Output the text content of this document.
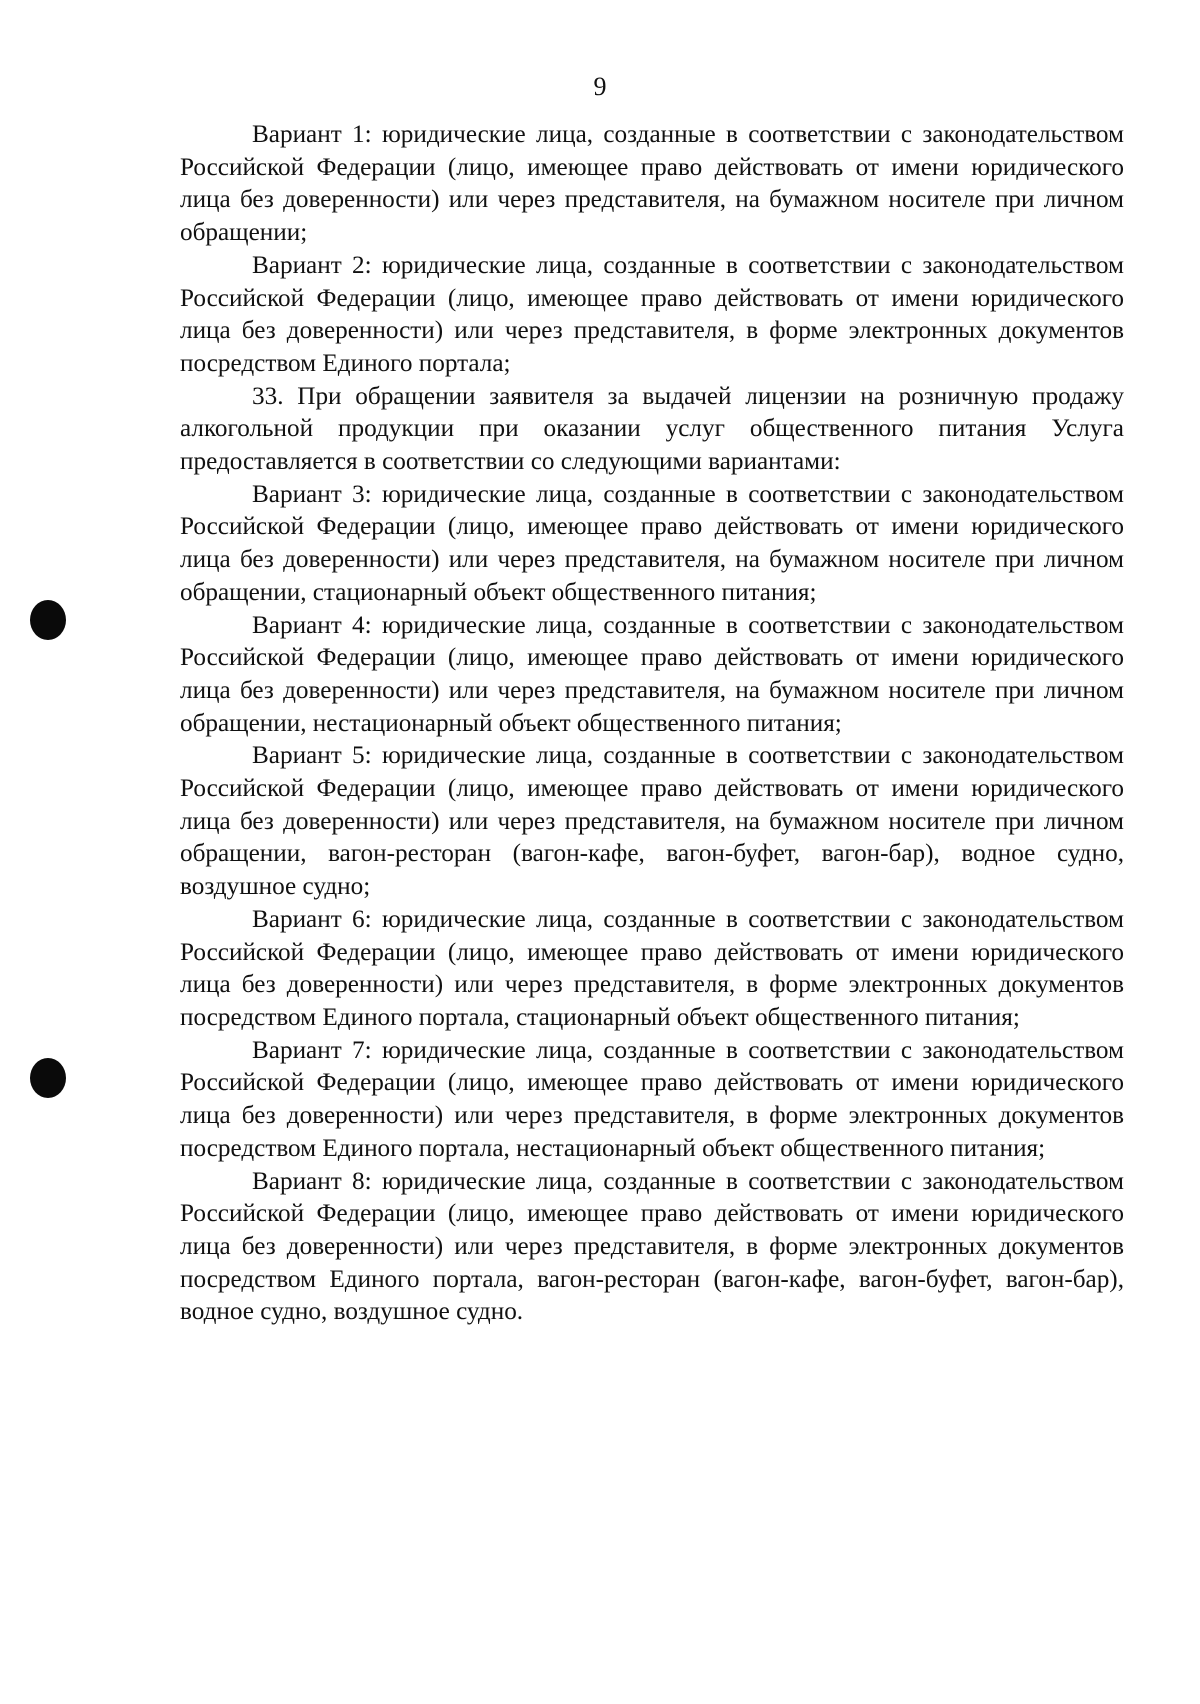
9

Вариант 1: юридические лица, созданные в соответствии с законодательством Российской Федерации (лицо, имеющее право действовать от имени юридического лица без доверенности) или через представителя, на бумажном носителе при личном обращении;

Вариант 2: юридические лица, созданные в соответствии с законодательством Российской Федерации (лицо, имеющее право действовать от имени юридического лица без доверенности) или через представителя, в форме электронных документов посредством Единого портала;

33. При обращении заявителя за выдачей лицензии на розничную продажу алкогольной продукции при оказании услуг общественного питания Услуга предоставляется в соответствии со следующими вариантами:

Вариант 3: юридические лица, созданные в соответствии с законодательством Российской Федерации (лицо, имеющее право действовать от имени юридического лица без доверенности) или через представителя, на бумажном носителе при личном обращении, стационарный объект общественного питания;

Вариант 4: юридические лица, созданные в соответствии с законодательством Российской Федерации (лицо, имеющее право действовать от имени юридического лица без доверенности) или через представителя, на бумажном носителе при личном обращении, нестационарный объект общественного питания;

Вариант 5: юридические лица, созданные в соответствии с законодательством Российской Федерации (лицо, имеющее право действовать от имени юридического лица без доверенности) или через представителя, на бумажном носителе при личном обращении, вагон-ресторан (вагон-кафе, вагон-буфет, вагон-бар), водное судно, воздушное судно;

Вариант 6: юридические лица, созданные в соответствии с законодательством Российской Федерации (лицо, имеющее право действовать от имени юридического лица без доверенности) или через представителя, в форме электронных документов посредством Единого портала, стационарный объект общественного питания;

Вариант 7: юридические лица, созданные в соответствии с законодательством Российской Федерации (лицо, имеющее право действовать от имени юридического лица без доверенности) или через представителя, в форме электронных документов посредством Единого портала, нестационарный объект общественного питания;

Вариант 8: юридические лица, созданные в соответствии с законодательством Российской Федерации (лицо, имеющее право действовать от имени юридического лица без доверенности) или через представителя, в форме электронных документов посредством Единого портала, вагон-ресторан (вагон-кафе, вагон-буфет, вагон-бар), водное судно, воздушное судно.
